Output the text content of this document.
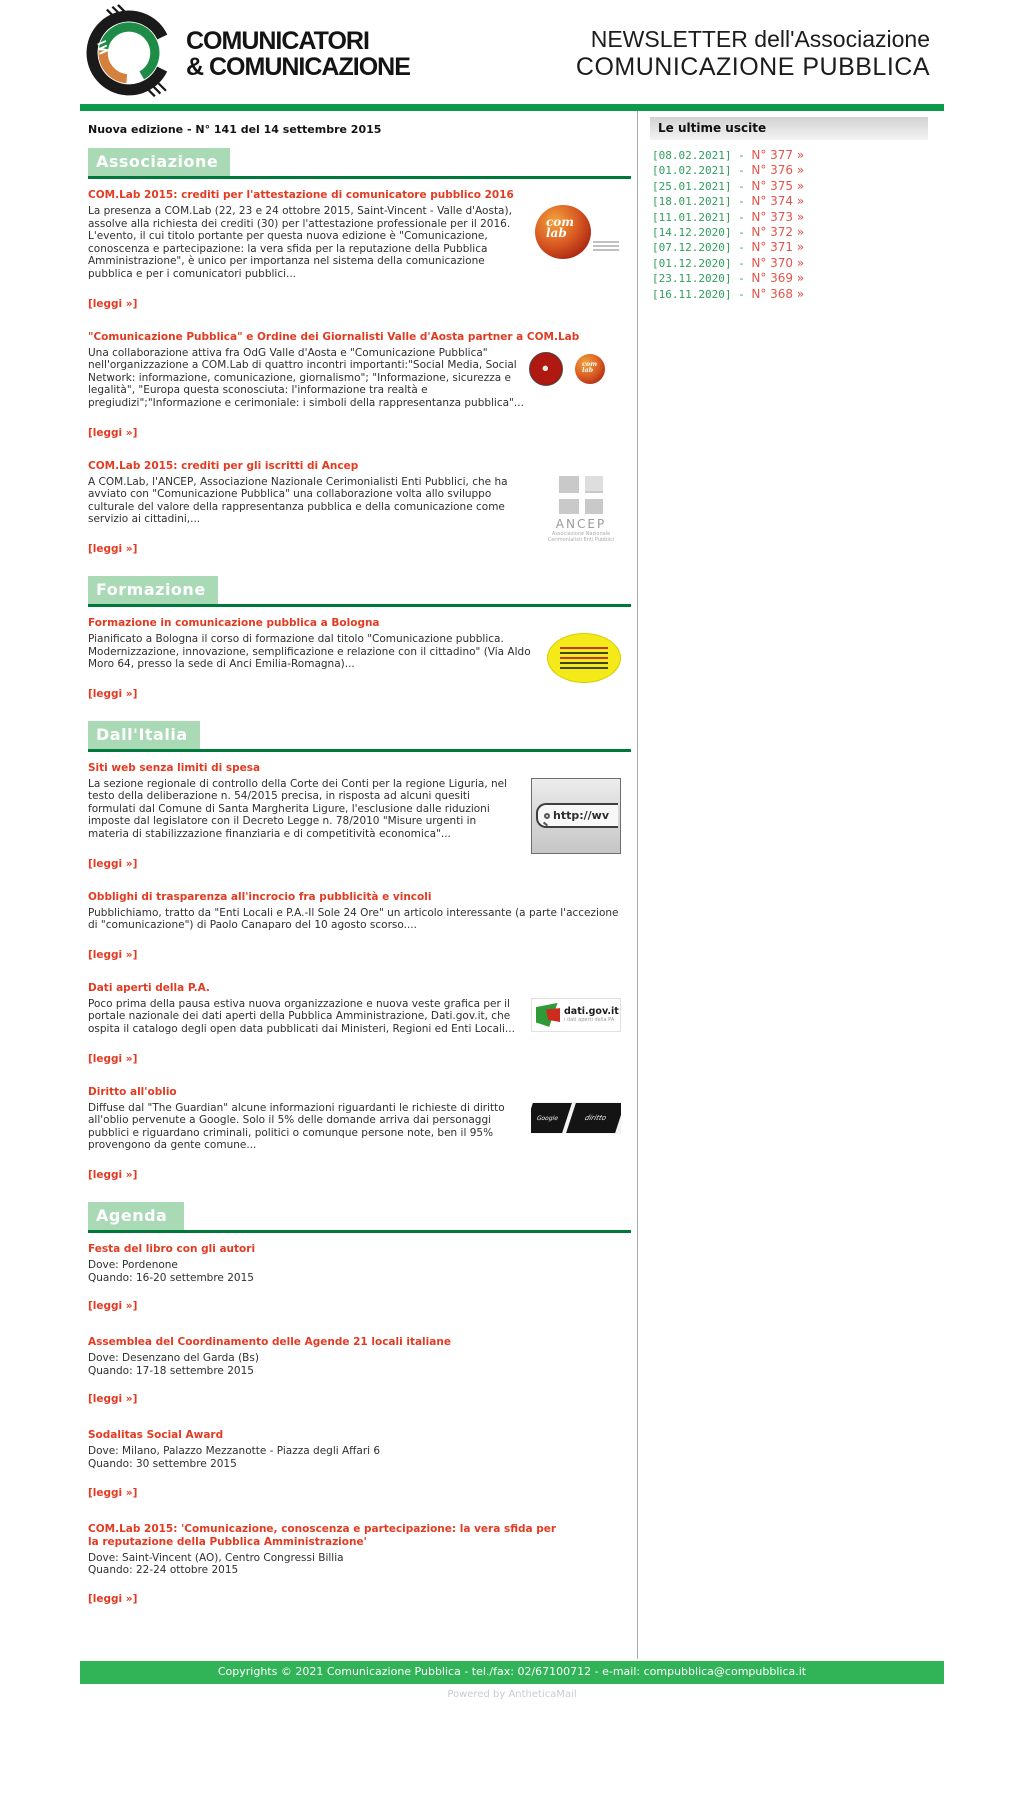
COMUNICATORI
& COMUNICAZIONE
NEWSLETTER dell'Associazione
COMUNICAZIONE PUBBLICA
Nuova edizione - N° 141 del 14 settembre 2015
Associazione
COM.Lab 2015: crediti per l'attestazione di comunicatore pubblico 2016
com
lab

La presenza a COM.Lab (22, 23 e 24 ottobre 2015, Saint-Vincent - Valle d'Aosta), assolve alla richiesta dei crediti (30) per l'attestazione professionale per il 2016. L'evento, il cui titolo portante per questa nuova edizione è "Comunicazione, conoscenza e partecipazione: la vera sfida per la reputazione della Pubblica Amministrazione", è unico per importanza nel sistema della comunicazione pubblica e per i comunicatori pubblici...

[leggi »]
"Comunicazione Pubblica" e Ordine dei Giornalisti Valle d'Aosta partner a COM.Lab
com
lab

Una collaborazione attiva fra OdG Valle d'Aosta e "Comunicazione Pubblica" nell'organizzazione a COM.Lab di quattro incontri importanti:"Social Media, Social Network: informazione, comunicazione, giornalismo"; "Informazione, sicurezza e legalità", "Europa questa sconosciuta: l'informazione tra realtà e pregiudizi";"Informazione e cerimoniale: i simboli della rappresentanza pubblica"...

[leggi »]
COM.Lab 2015: crediti per gli iscritti di Ancep
ANCEP
Associazione Nazionale
Cerimonialisti Enti Pubblici

A COM.Lab, l'ANCEP, Associazione Nazionale Cerimonialisti Enti Pubblici, che ha avviato con "Comunicazione Pubblica" una collaborazione volta allo sviluppo culturale del valore della rappresentanza pubblica e della comunicazione come servizio ai cittadini,...

[leggi »]
Formazione
Formazione in comunicazione pubblica a Bologna

Pianificato a Bologna il corso di formazione dal titolo "Comunicazione pubblica. Modernizzazione, innovazione, semplificazione e relazione con il cittadino" (Via Aldo Moro 64, presso la sede di Anci Emilia-Romagna)...

[leggi »]
Dall'Italia
Siti web senza limiti di spesa
http://wv

La sezione regionale di controllo della Corte dei Conti per la regione Liguria, nel testo della deliberazione n. 54/2015 precisa, in risposta ad alcuni quesiti formulati dal Comune di Santa Margherita Ligure, l'esclusione dalle riduzioni imposte dal legislatore con il Decreto Legge n. 78/2010 "Misure urgenti in materia di stabilizzazione finanziaria e di competitività economica"...

[leggi »]
Obblighi di trasparenza all'incrocio fra pubblicità e vincoli

Pubblichiamo, tratto da "Enti Locali e P.A.-Il Sole 24 Ore" un articolo interessante (a parte l'accezione di "comunicazione") di Paolo Canaparo del 10 agosto scorso....

[leggi »]
Dati aperti della P.A.
dati.gov.it
i dati aperti della PA

Poco prima della pausa estiva nuova organizzazione e nuova veste grafica per il portale nazionale dei dati aperti della Pubblica Amministrazione, Dati.gov.it, che ospita il catalogo degli open data pubblicati dai Ministeri, Regioni ed Enti Locali...

[leggi »]
Diritto all'oblio
Google	diritto

Diffuse dal "The Guardian" alcune informazioni riguardanti le richieste di diritto all'oblio pervenute a Google. Solo il 5% delle domande arriva dai personaggi pubblici e riguardano criminali, politici o comunque persone note, ben il 95% provengono da gente comune...

[leggi »]
Agenda
Festa del libro con gli autori
Dove: Pordenone
Quando: 16-20 settembre 2015
[leggi »]
Assemblea del Coordinamento delle Agende 21 locali italiane
Dove: Desenzano del Garda (Bs)
Quando: 17-18 settembre 2015
[leggi »]
Sodalitas Social Award
Dove: Milano, Palazzo Mezzanotte - Piazza degli Affari 6
Quando: 30 settembre 2015
[leggi »]
COM.Lab 2015: 'Comunicazione, conoscenza e partecipazione: la vera sfida per la reputazione della Pubblica Amministrazione'
Dove: Saint-Vincent (AO), Centro Congressi Billia
Quando: 22-24 ottobre 2015
[leggi »]
Le ultime uscite
[08.02.2021] - N° 377 »
[01.02.2021] - N° 376 »
[25.01.2021] - N° 375 »
[18.01.2021] - N° 374 »
[11.01.2021] - N° 373 »
[14.12.2020] - N° 372 »
[07.12.2020] - N° 371 »
[01.12.2020] - N° 370 »
[23.11.2020] - N° 369 »
[16.11.2020] - N° 368 »
Copyrights © 2021 Comunicazione Pubblica - tel./fax: 02/67100712 - e-mail: compubblica@compubblica.it
Powered by AntheticaMail
